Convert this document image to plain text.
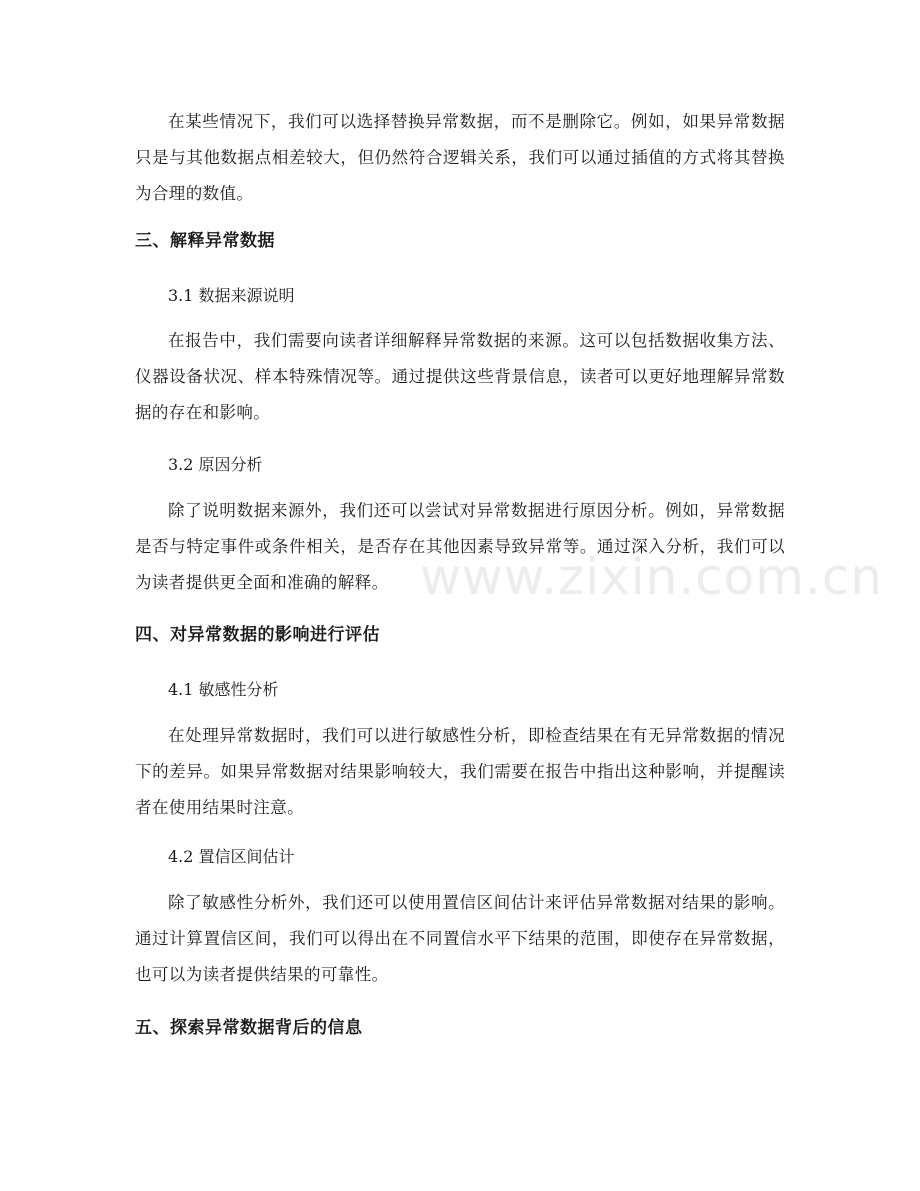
www.zixin.com.cn

在某些情况下，我们可以选择替换异常数据，而不是删除它。例如，如果异常数据只是与其他数据点相差较大，但仍然符合逻辑关系，我们可以通过插值的方式将其替换为合理的数值。

三、解释异常数据

3.1 数据来源说明

在报告中，我们需要向读者详细解释异常数据的来源。这可以包括数据收集方法、仪器设备状况、样本特殊情况等。通过提供这些背景信息，读者可以更好地理解异常数据的存在和影响。

3.2 原因分析

除了说明数据来源外，我们还可以尝试对异常数据进行原因分析。例如，异常数据是否与特定事件或条件相关，是否存在其他因素导致异常等。通过深入分析，我们可以为读者提供更全面和准确的解释。

四、对异常数据的影响进行评估

4.1 敏感性分析

在处理异常数据时，我们可以进行敏感性分析，即检查结果在有无异常数据的情况下的差异。如果异常数据对结果影响较大，我们需要在报告中指出这种影响，并提醒读者在使用结果时注意。

4.2 置信区间估计

除了敏感性分析外，我们还可以使用置信区间估计来评估异常数据对结果的影响。通过计算置信区间，我们可以得出在不同置信水平下结果的范围，即使存在异常数据，也可以为读者提供结果的可靠性。

五、探索异常数据背后的信息
